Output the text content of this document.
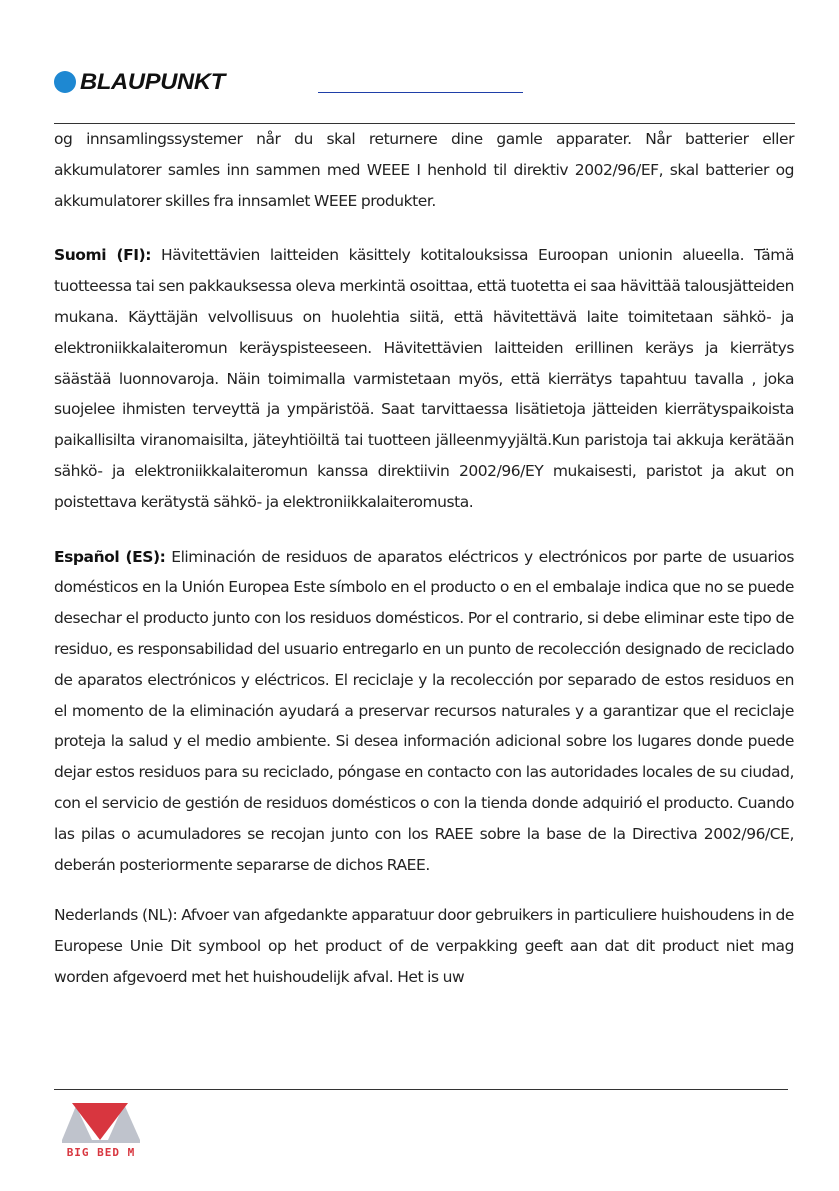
BLAUPUNKT

og innsamlingssystemer når du skal returnere dine gamle apparater. Når batterier eller akkumulatorer samles inn sammen med WEEE I henhold til direktiv 2002/96/EF, skal batterier og akkumulatorer skilles fra innsamlet WEEE produkter.

Suomi (FI): Hävitettävien laitteiden käsittely kotitalouksissa Euroopan unionin alueella. Tämä tuotteessa tai sen pakkauksessa oleva merkintä osoittaa, että tuotetta ei saa hävittää talousjätteiden mukana. Käyttäjän velvollisuus on huolehtia siitä, että hävitettävä laite toimitetaan sähkö- ja elektroniikkalaiteromun keräyspisteeseen. Hävitettävien laitteiden erillinen keräys ja kierrätys säästää luonnovaroja. Näin toimimalla varmistetaan myös, että kierrätys tapahtuu tavalla , joka suojelee ihmisten terveyttä ja ympäristöä. Saat tarvittaessa lisätietoja jätteiden kierrätyspaikoista paikallisilta viranomaisilta, jäteyhtiöiltä tai tuotteen jälleenmyyjältä.Kun paristoja tai akkuja kerätään sähkö- ja elektroniikkalaiteromun kanssa direktiivin 2002/96/EY mukaisesti, paristot ja akut on poistettava kerätystä sähkö- ja elektroniikkalaiteromusta.

Español (ES): Eliminación de residuos de aparatos eléctricos y electrónicos por parte de usuarios domésticos en la Unión Europea Este símbolo en el producto o en el embalaje indica que no se puede desechar el producto junto con los residuos domésticos. Por el contrario, si debe eliminar este tipo de residuo, es responsabilidad del usuario entregarlo en un punto de recolección designado de reciclado de aparatos electrónicos y eléctricos. El reciclaje y la recolección por separado de estos residuos en el momento de la eliminación ayudará a preservar recursos naturales y a garantizar que el reciclaje proteja la salud y el medio ambiente. Si desea información adicional sobre los lugares donde puede dejar estos residuos para su reciclado, póngase en contacto con las autoridades locales de su ciudad, con el servicio de gestión de residuos domésticos o con la tienda donde adquirió el producto. Cuando las pilas o acumuladores se recojan junto con los RAEE sobre la base de la Directiva 2002/96/CE, deberán posteriormente separarse de dichos RAEE.

Nederlands (NL): Afvoer van afgedankte apparatuur door gebruikers in particuliere huishoudens in de Europese Unie Dit symbool op het product of de verpakking geeft aan dat dit product niet mag worden afgevoerd met het huishoudelijk afval. Het is uw

BIG BED M
